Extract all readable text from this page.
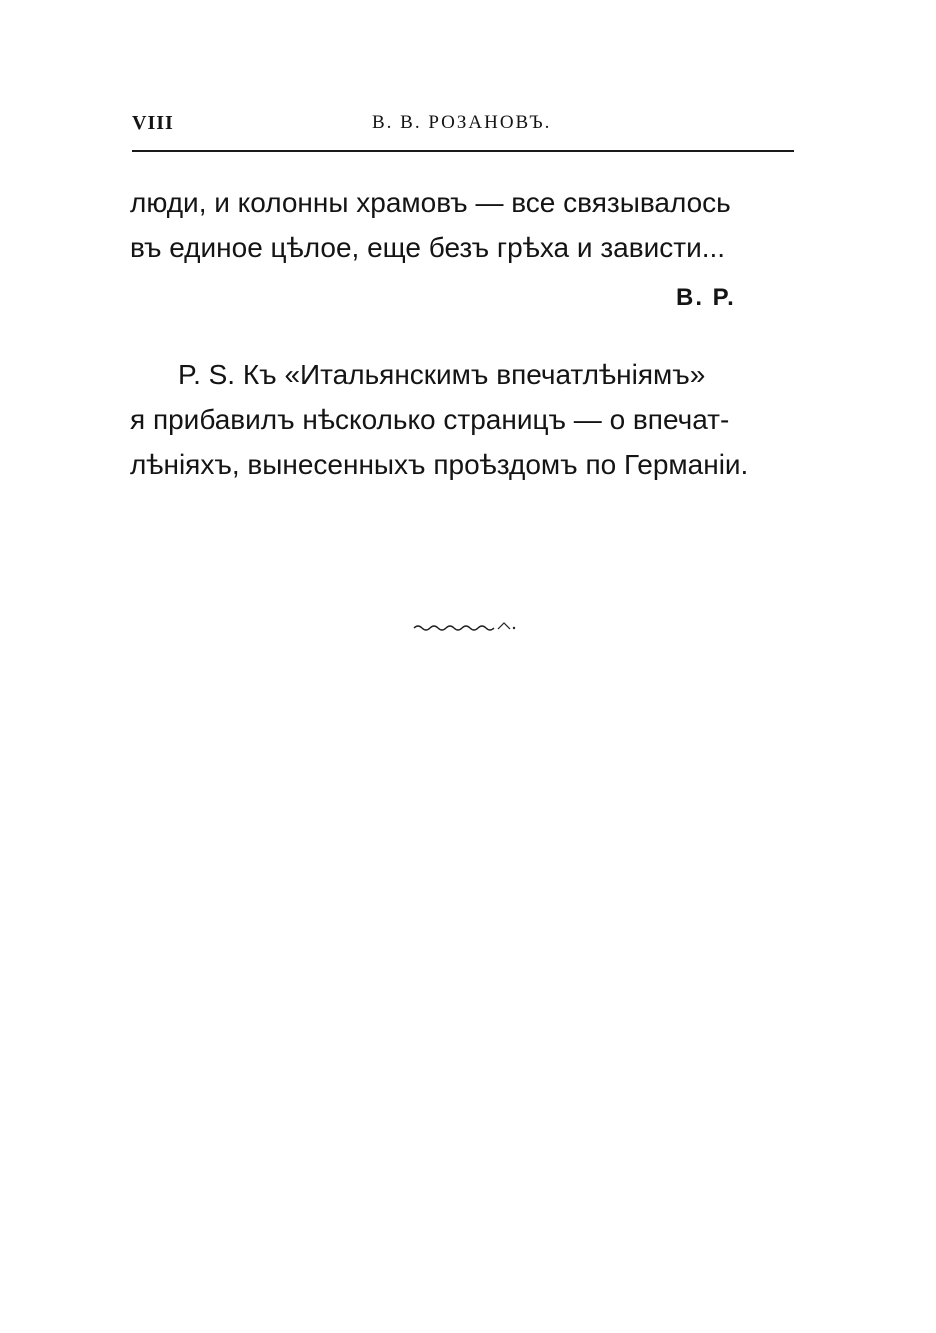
VIII	В. В. РОЗАНОВЪ.
люди, и колонны храмовъ — все связывалось
въ единое цѣлое, еще безъ грѣха и зависти...
В. Р.
P. S. Къ «Итальянскимъ впечатлѣніямъ»
я прибавилъ нѣсколько страницъ — о впечат-
лѣніяхъ, вынесенныхъ проѣздомъ по Германіи.
